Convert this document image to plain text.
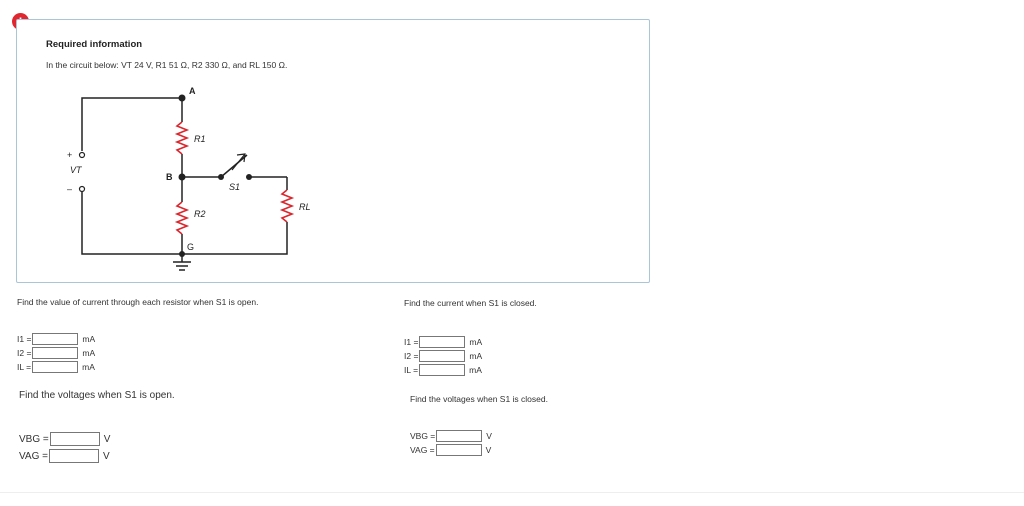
Required information
In the circuit below: VT 24 V, R1 51 Ω, R2 330 Ω, and RL 150 Ω.
A
B
G
R1
R2
RL
S1
VT
+
–
Find the value of current through each resistor when S1 is open.
I1 =	mA
I2 =	mA
IL =	mA
Find the voltages when S1 is open.
VBG =	V
VAG =	V
Find the current when S1 is closed.
I1 =	mA
I2 =	mA
IL =	mA
Find the voltages when S1 is closed.
VBG =	V
VAG =	V
